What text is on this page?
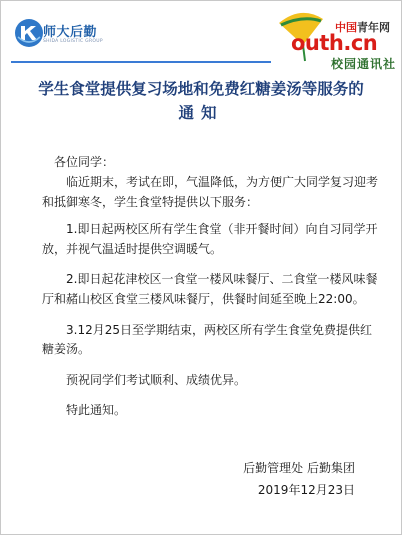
师大后勤
SHIDA LOGISTIC GROUP
中国青年网
outh.cn
校园通讯社
学生食堂提供复习场地和免费红糖姜汤等服务的
通知

各位同学：

临近期末，考试在即，气温降低，为方便广大同学复习迎考和抵御寒冬，学生食堂特提供以下服务：

1.即日起两校区所有学生食堂（非开餐时间）向自习同学开放，并视气温适时提供空调暖气。

2.即日起花津校区一食堂一楼风味餐厅、二食堂一楼风味餐厅和赭山校区食堂三楼风味餐厅，供餐时间延至晚上22:00。

3.12月25日至学期结束，两校区所有学生食堂免费提供红糖姜汤。

预祝同学们考试顺利、成绩优异。

特此通知。

后勤管理处 后勤集团
2019年12月23日
